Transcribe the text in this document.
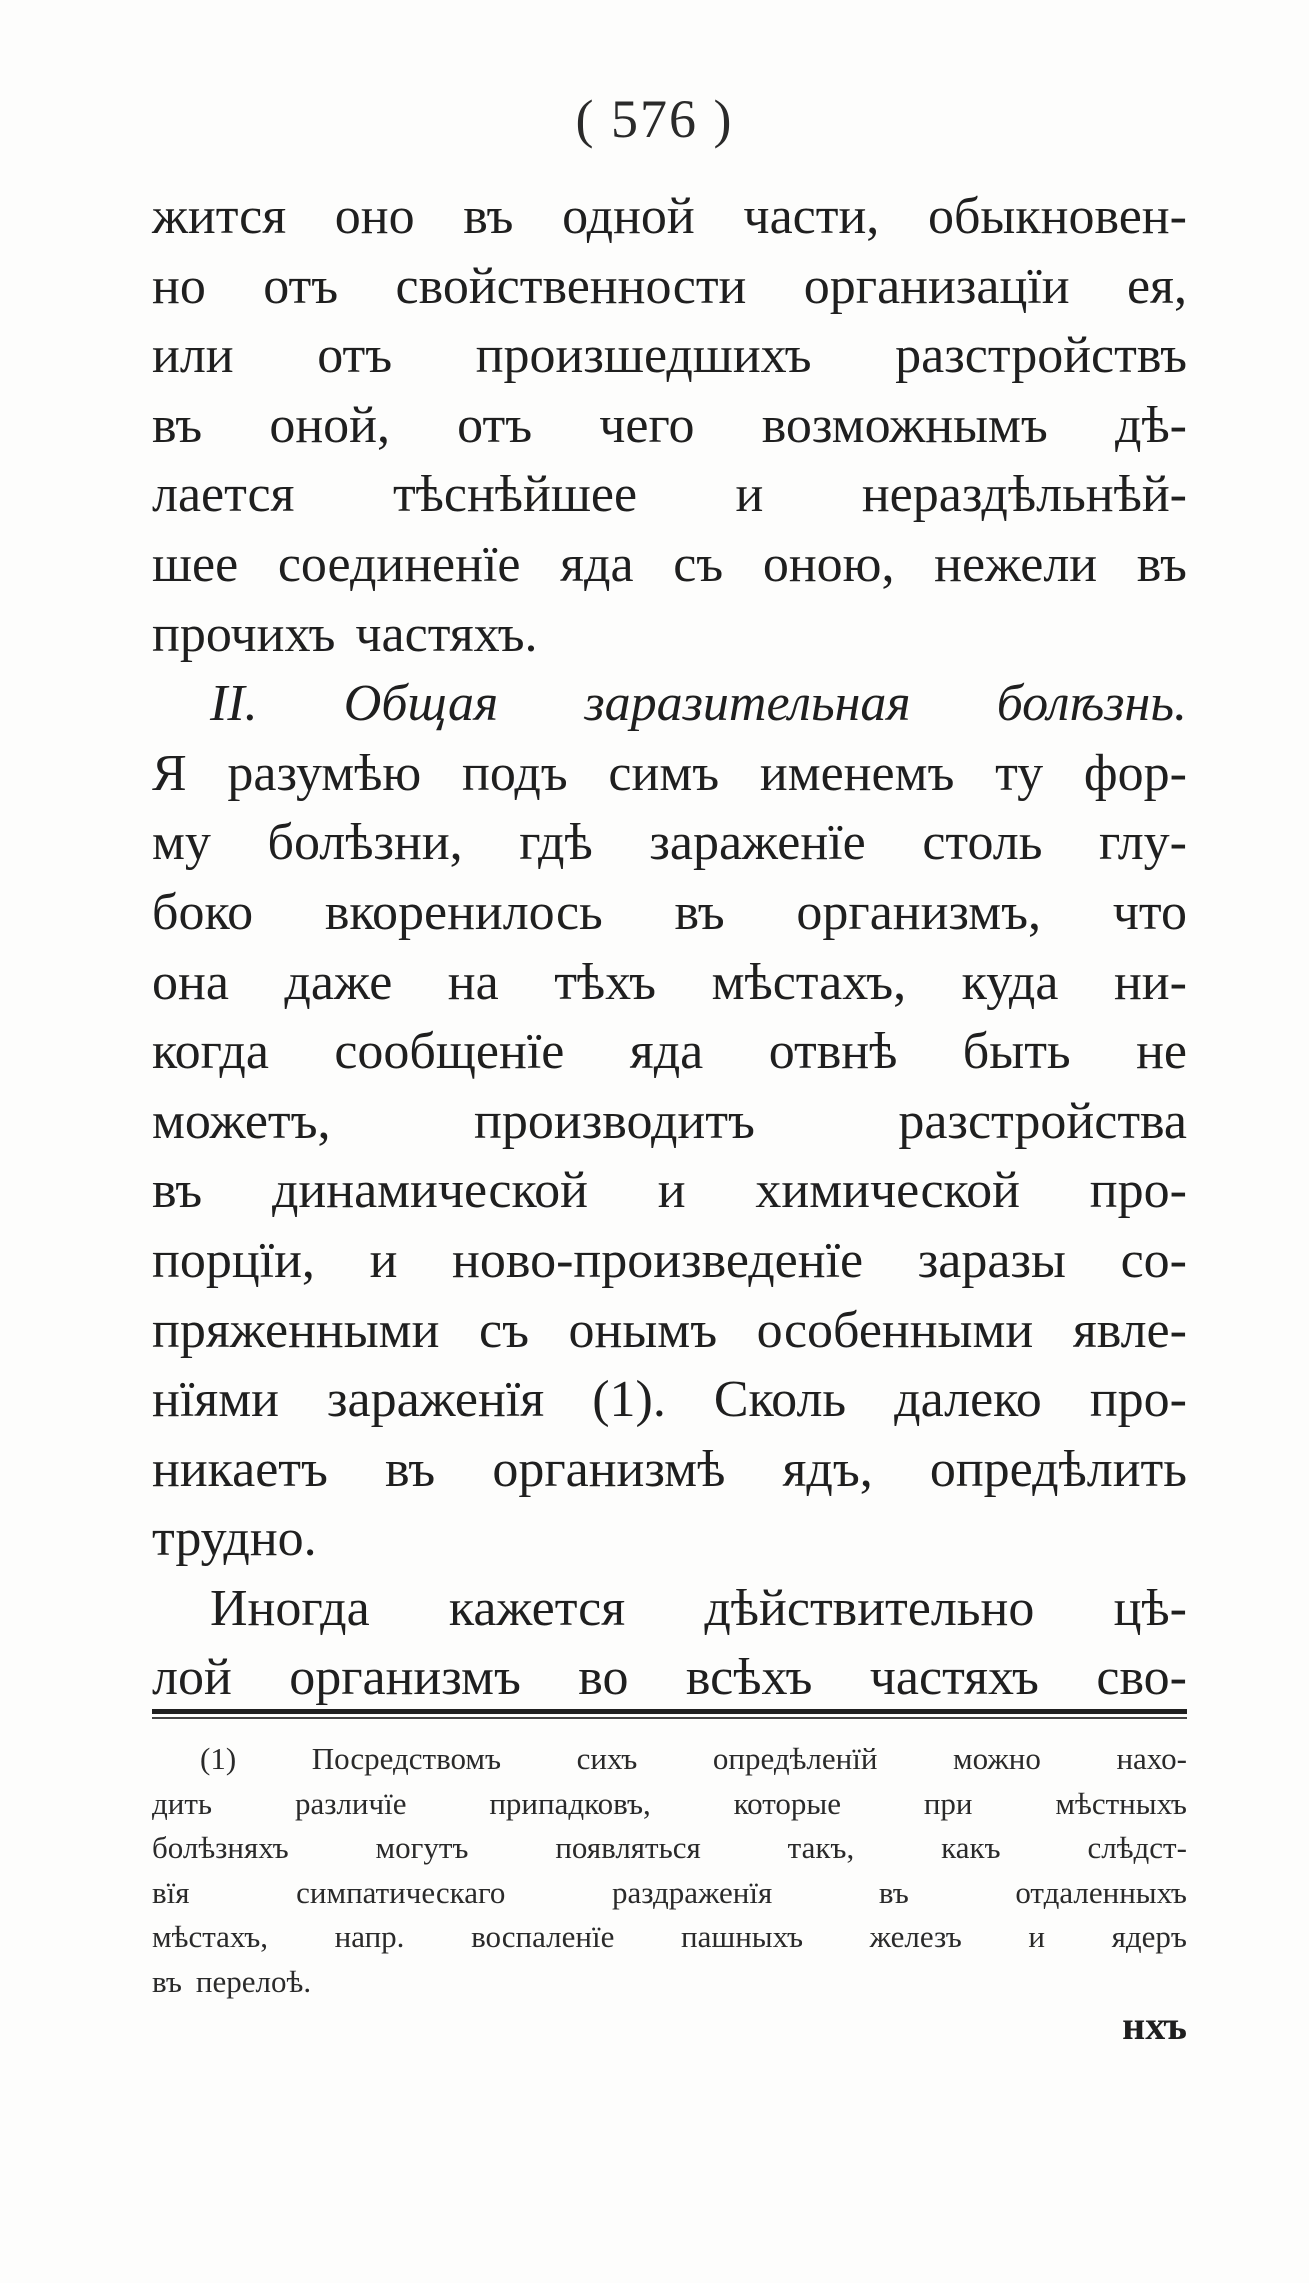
( 576 )
жится оно въ одной части, обыкновен-
но отъ свойственности организацїи ея,
или отъ произшедшихъ разстройствъ
въ оной, отъ чего возможнымъ дѣ-
лается тѣснѣйшее и нераздѣльнѣй-
шее соединенїе яда съ оною, нежели въ
прочихъ частяхъ.
II. Общая заразительная болѣзнь.
Я разумѣю подъ симъ именемъ ту фор-
му болѣзни, гдѣ зараженїе столь глу-
боко вкоренилось въ организмъ, что
она даже на тѣхъ мѣстахъ, куда ни-
когда сообщенїе яда отвнѣ быть не
можетъ,	производитъ	разстройства
въ динамической и химической про-
порцїи, и ново-произведенїе заразы со-
пряженными съ онымъ особенными явле-
нїями зараженїя (1). Сколь далеко про-
никаетъ въ организмѣ ядъ, опредѣлить
трудно.
Иногда кажется дѣйствительно цѣ-
лой организмъ во всѣхъ частяхъ сво-
(1) Посредствомъ сихъ опредѣленїй можно нахо-
дить	различїе	припадковъ,	которые	при	мѣстныхъ
болѣзняхъ	могутъ	появляться	такъ,	какъ	слѣдст-
вїя	симпатическаго	раздраженїя	въ	отдаленныхъ
мѣстахъ, напр. воспаленїе пашныхъ железъ и ядеръ
въ перелоѣ.
нхъ
